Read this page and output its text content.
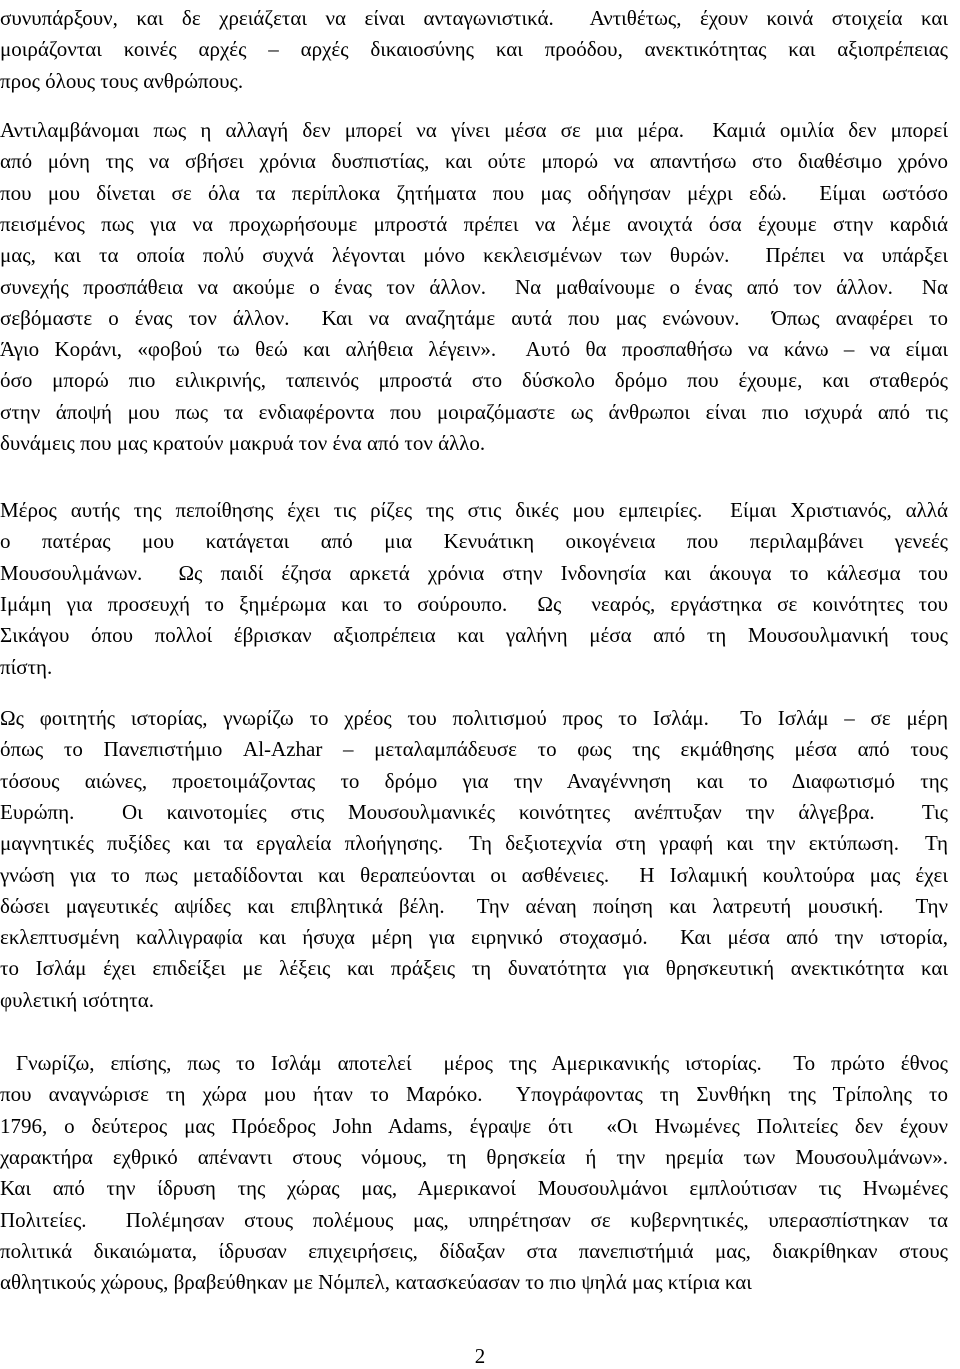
συνυπάρξουν, και δε χρειάζεται να είναι ανταγωνιστικά.  Αντιθέτως, έχουν κοινά στοιχεία και

μοιράζονται κοινές αρχές – αρχές δικαιοσύνης και προόδου, ανεκτικότητας και αξιοπρέπειας

προς όλους τους ανθρώπους.

Αντιλαμβάνομαι πως η αλλαγή δεν μπορεί να γίνει μέσα σε μια μέρα.  Καμιά ομιλία δεν μπορεί

από μόνη της να σβήσει χρόνια δυσπιστίας, και ούτε μπορώ να απαντήσω στο διαθέσιμο χρόνο

που μου δίνεται σε όλα τα περίπλοκα ζητήματα που μας οδήγησαν μέχρι εδώ.  Είμαι ωστόσο

πεισμένος πως για να προχωρήσουμε μπροστά πρέπει να λέμε ανοιχτά όσα έχουμε στην καρδιά

μας, και τα οποία πολύ συχνά λέγονται μόνο κεκλεισμένων των θυρών.  Πρέπει να υπάρξει

συνεχής προσπάθεια να ακούμε ο ένας τον άλλον.  Να μαθαίνουμε ο ένας από τον άλλον.  Να

σεβόμαστε ο ένας τον άλλον.  Και να αναζητάμε αυτά που μας ενώνουν.  Όπως αναφέρει το

Άγιο Κοράνι, «φοβού τω θεώ και αλήθεια λέγειν».  Αυτό θα προσπαθήσω να κάνω – να είμαι

όσο μπορώ πιο ειλικρινής, ταπεινός μπροστά στο δύσκολο δρόμο που έχουμε, και σταθερός

στην άποψή μου πως τα ενδιαφέροντα που μοιραζόμαστε ως άνθρωποι είναι πιο ισχυρά από τις

δυνάμεις που μας κρατούν μακρυά τον ένα από τον άλλο.

Μέρος αυτής της πεποίθησης έχει τις ρίζες της στις δικές μου εμπειρίες.  Είμαι Χριστιανός, αλλά

ο πατέρας μου κατάγεται από μια Κενυάτικη οικογένεια που περιλαμβάνει γενεές

Μουσουλμάνων.  Ως παιδί έζησα αρκετά χρόνια στην Ινδονησία και άκουγα το κάλεσμα του

Ιμάμη για προσευχή το ξημέρωμα και το σούρουπο.  Ως  νεαρός, εργάστηκα σε κοινότητες του

Σικάγου όπου πολλοί έβρισκαν αξιοπρέπεια και γαλήνη μέσα από τη Μουσουλμανική τους

πίστη.

Ως φοιτητής ιστορίας, γνωρίζω το χρέος του πολιτισμού προς το Ισλάμ.  Το Ισλάμ – σε μέρη

όπως το Πανεπιστήμιο Al-Azhar – μεταλαμπάδευσε το φως της εκμάθησης μέσα από τους

τόσους αιώνες, προετοιμάζοντας το δρόμο για την Αναγέννηση και το Διαφωτισμό της

Ευρώπη.  Οι καινοτομίες στις Μουσουλμανικές κοινότητες ανέπτυξαν την άλγεβρα.  Τις

μαγνητικές πυξίδες και τα εργαλεία πλοήγησης.  Τη δεξιοτεχνία στη γραφή και την εκτύπωση.  Τη

γνώση για το πως μεταδίδονται και θεραπεύονται οι ασθένειες.  Η Ισλαμική κουλτούρα μας έχει

δώσει μαγευτικές αψίδες και επιβλητικά βέλη.  Την αέναη ποίηση και λατρευτή μουσική.  Την

εκλεπτυσμένη καλλιγραφία και ήσυχα μέρη για ειρηνικό στοχασμό.  Και μέσα από την ιστορία,

το Ισλάμ έχει επιδείξει με λέξεις και πράξεις τη δυνατότητα για θρησκευτική ανεκτικότητα και

φυλετική ισότητα.

Γνωρίζω, επίσης, πως το Ισλάμ αποτελεί  μέρος της Αμερικανικής ιστορίας.  Το πρώτο έθνος

που αναγνώρισε τη χώρα μου ήταν το Μαρόκο.  Υπογράφοντας τη Συνθήκη της Τρίπολης το

1796, ο δεύτερος μας Πρόεδρος John Adams, έγραψε ότι  «Οι Ηνωμένες Πολιτείες δεν έχουν

χαρακτήρα εχθρικό απέναντι στους νόμους, τη θρησκεία ή την ηρεμία των Μουσουλμάνων».

Και από την ίδρυση της χώρας μας, Αμερικανοί Μουσουλμάνοι εμπλούτισαν τις Ηνωμένες

Πολιτείες.  Πολέμησαν στους πολέμους μας, υπηρέτησαν σε κυβερνητικές, υπερασπίστηκαν τα

πολιτικά δικαιώματα, ίδρυσαν επιχειρήσεις, δίδαξαν στα πανεπιστήμιά μας, διακρίθηκαν στους

αθλητικούς χώρους, βραβεύθηκαν με Νόμπελ, κατασκεύασαν το πιο ψηλά μας κτίρια και

2
